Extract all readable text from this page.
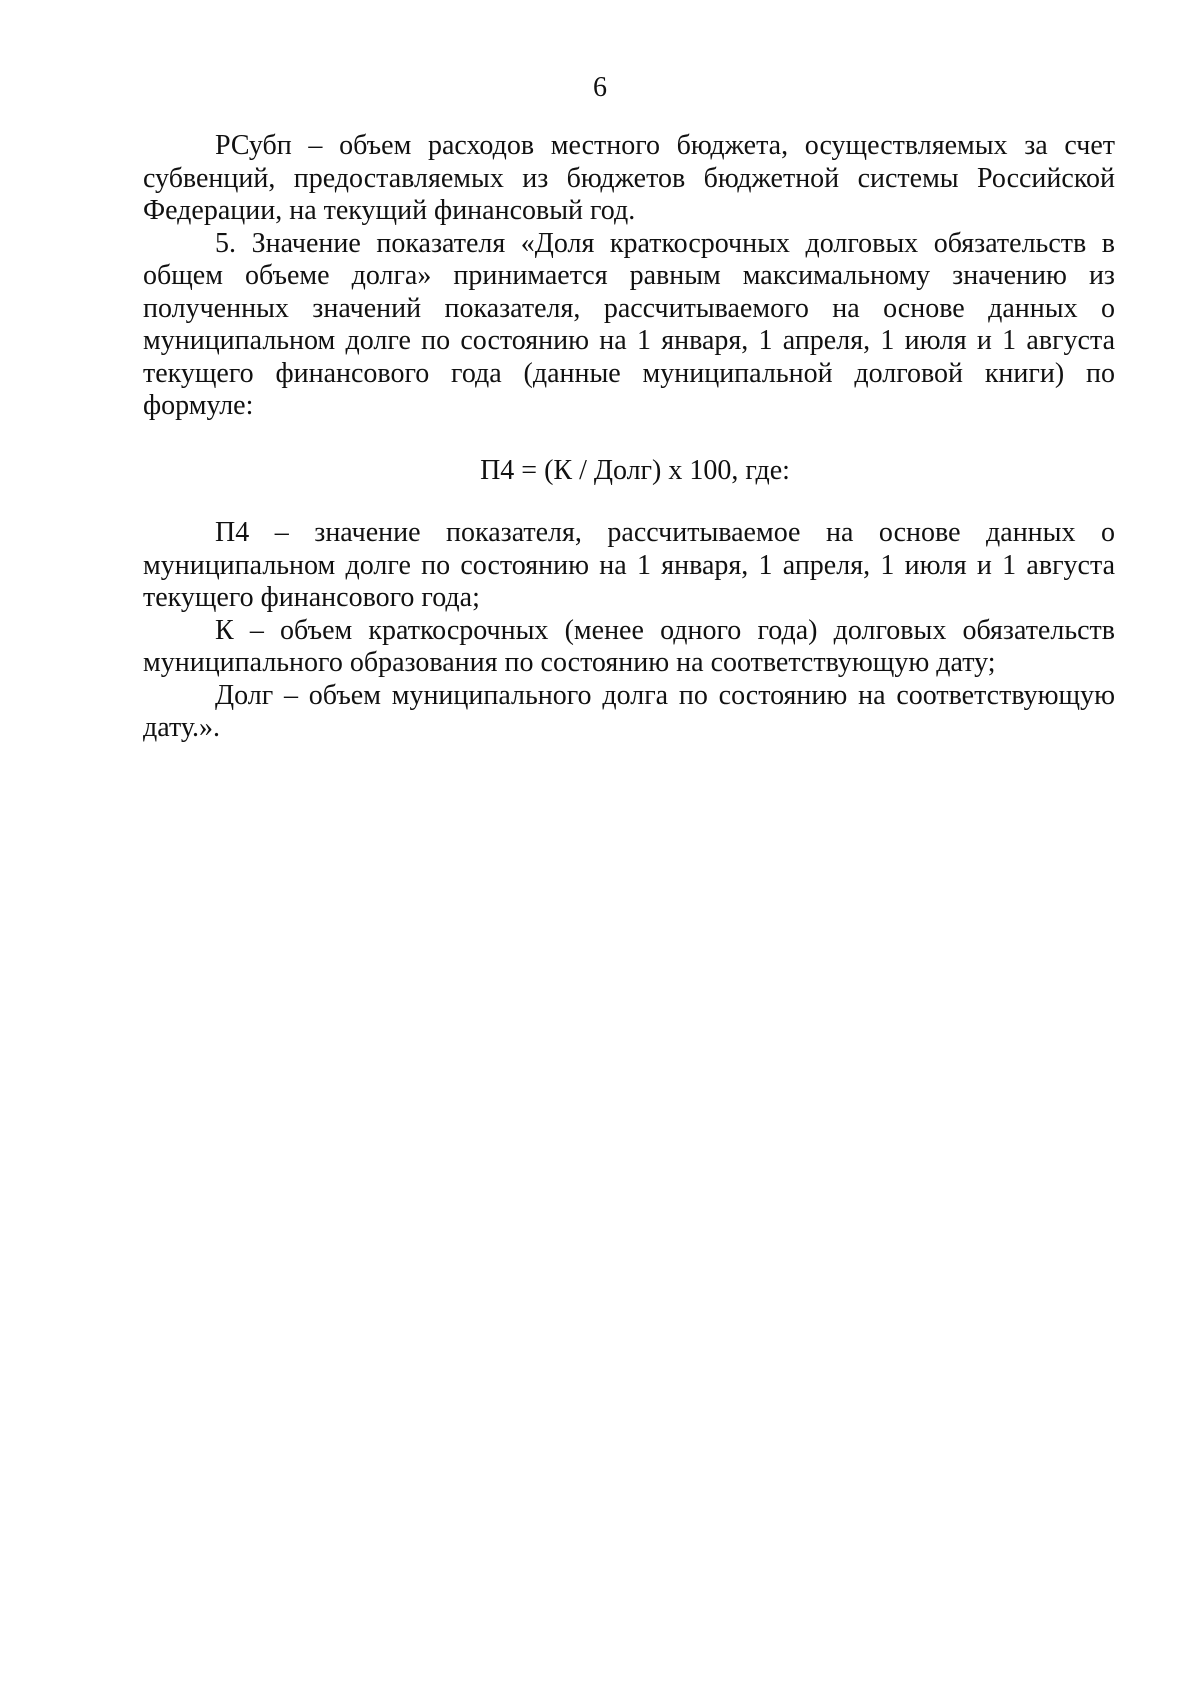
6

РСубп – объем расходов местного бюджета, осуществляемых за счет субвенций, предоставляемых из бюджетов бюджетной системы Российской Федерации, на текущий финансовый год.

5. Значение показателя «Доля краткосрочных долговых обязательств в общем объеме долга» принимается равным максимальному значению из полученных значений показателя, рассчитываемого на основе данных о муниципальном долге по состоянию на 1 января, 1 апреля, 1 июля и 1 августа текущего финансового года (данные муниципальной долговой книги) по формуле:

П4 = (К / Долг) x 100, где:

П4 – значение показателя, рассчитываемое на основе данных о муниципальном долге по состоянию на 1 января, 1 апреля, 1 июля и 1 августа текущего финансового года;

К – объем краткосрочных (менее одного года) долговых обязательств муниципального образования по состоянию на соответствующую дату;

Долг – объем муниципального долга по состоянию на соответствующую дату.».
